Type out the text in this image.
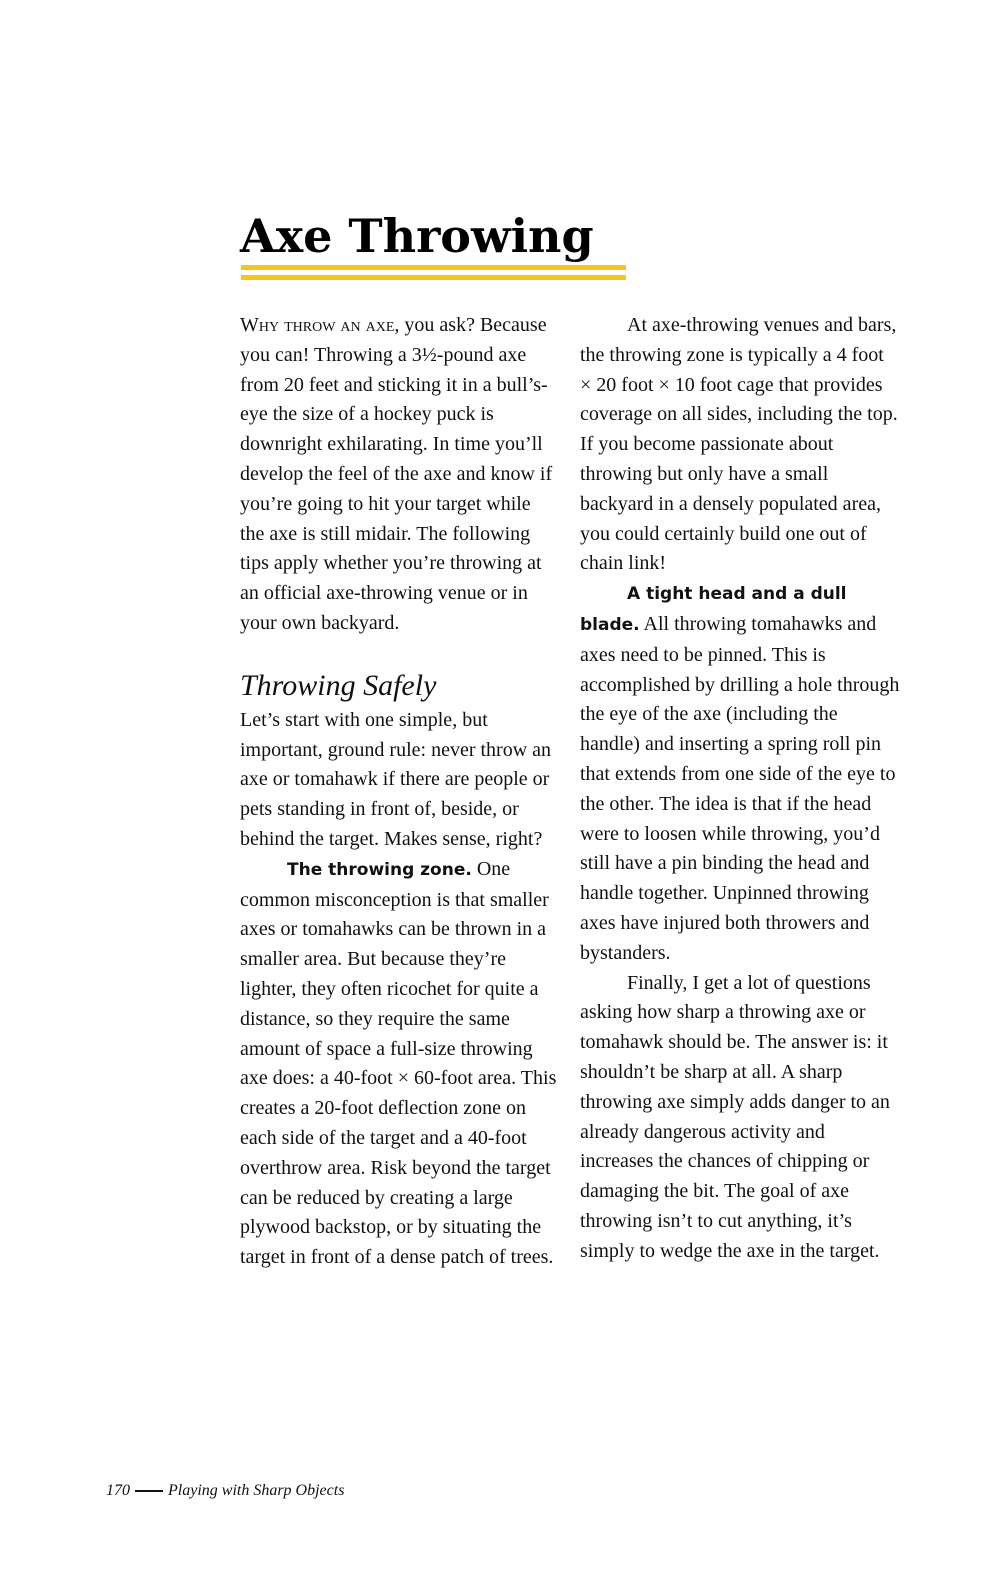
Axe Throwing

Why throw an axe, you ask? Because you can! Throwing a 3½-pound axe from 20 feet and sticking it in a bull’s-eye the size of a hockey puck is downright exhilarating. In time you’ll develop the feel of the axe and know if you’re going to hit your target while the axe is still midair. The following tips apply whether you’re throwing at an official axe-throwing venue or in your own backyard.

Throwing Safely

Let’s start with one simple, but important, ground rule: never throw an axe or tomahawk if there are people or pets standing in front of, beside, or behind the target. Makes sense, right?

The throwing zone. One common misconception is that smaller axes or tomahawks can be thrown in a smaller area. But because they’re lighter, they often ricochet for quite a distance, so they require the same amount of space a full-size throwing axe does: a 40-foot × 60-foot area. This creates a 20-foot deflection zone on each side of the target and a 40-foot overthrow area. Risk beyond the target can be reduced by creating a large plywood backstop, or by situating the target in front of a dense patch of trees.

At axe-throwing venues and bars, the throwing zone is typically a 4 foot × 20 foot × 10 foot cage that provides coverage on all sides, including the top. If you become passionate about throwing but only have a small backyard in a densely populated area, you could certainly build one out of chain link!

A tight head and a dull blade. All throwing tomahawks and axes need to be pinned. This is accomplished by drilling a hole through the eye of the axe (including the handle) and inserting a spring roll pin that extends from one side of the eye to the other. The idea is that if the head were to loosen while throwing, you’d still have a pin binding the head and handle together. Unpinned throwing axes have injured both throwers and bystanders.

Finally, I get a lot of questions asking how sharp a throwing axe or tomahawk should be. The answer is: it shouldn’t be sharp at all. A sharp throwing axe simply adds danger to an already dangerous activity and increases the chances of chipping or damaging the bit. The goal of axe throwing isn’t to cut anything, it’s simply to wedge the axe in the target.

170 Playing with Sharp Objects
